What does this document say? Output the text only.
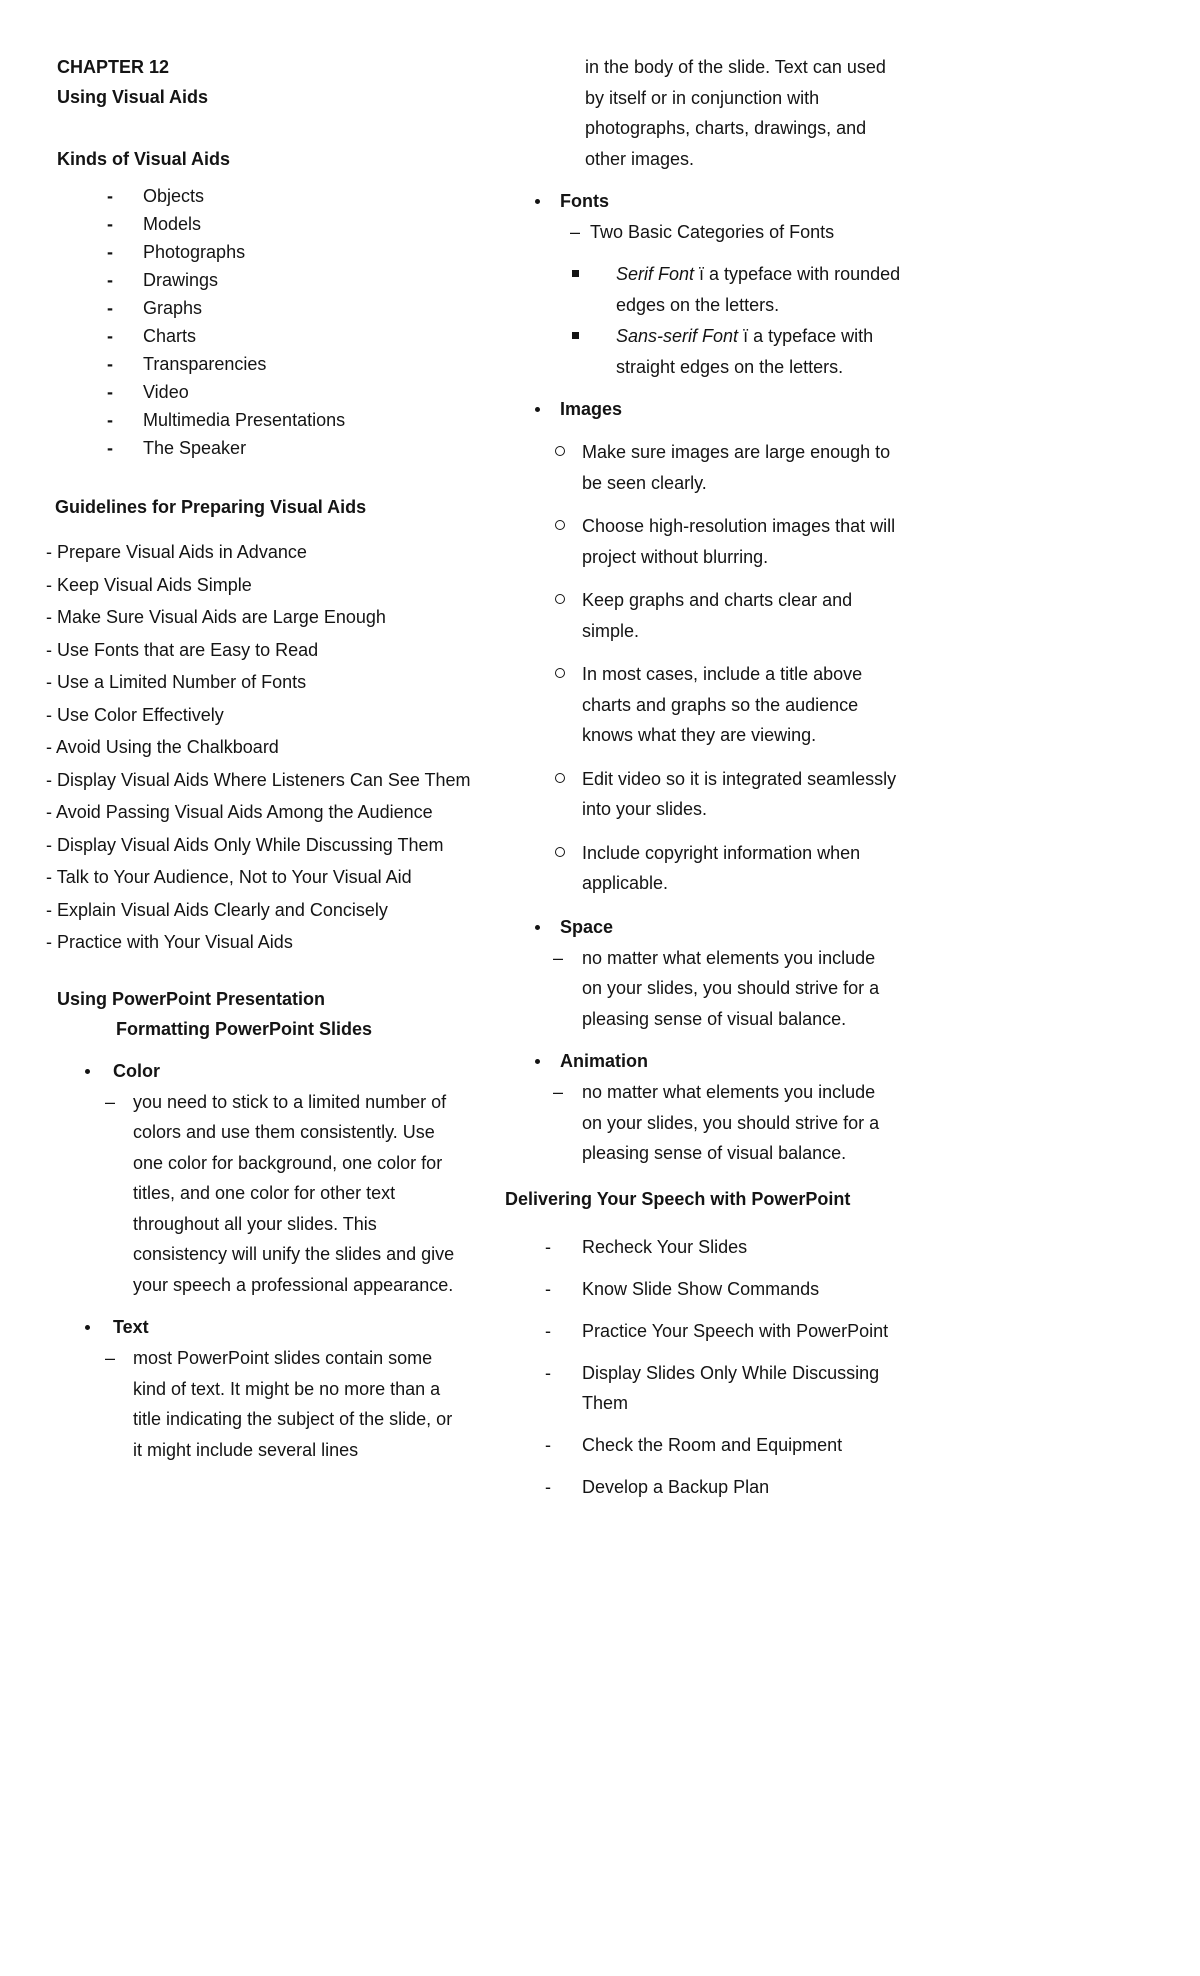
CHAPTER 12
Using Visual Aids
Kinds of Visual Aids
-	Objects
-	Models
-	Photographs
-	Drawings
-	Graphs
-	Charts
-	Transparencies
-	Video
-	Multimedia Presentations
-	The Speaker
Guidelines for Preparing Visual Aids
- Prepare Visual Aids in Advance
- Keep Visual Aids Simple
- Make Sure Visual Aids are Large Enough
- Use Fonts that are Easy to Read
- Use a Limited Number of Fonts
- Use Color Effectively
- Avoid Using the Chalkboard
- Display Visual Aids Where Listeners Can See Them
- Avoid Passing Visual Aids Among the Audience
- Display Visual Aids Only While Discussing Them
- Talk to Your Audience, Not to Your Visual Aid
- Explain Visual Aids Clearly and Concisely
- Practice with Your Visual Aids
Using PowerPoint Presentation
Formatting PowerPoint Slides
Color
– you need to stick to a limited number of colors and use them consistently. Use one color for background, one color for titles, and one color for other text throughout all your slides. This consistency will unify the slides and give your speech a professional appearance.
Text
– most PowerPoint slides contain some kind of text. It might be no more than a title indicating the subject of the slide, or it might include several lines
in the body of the slide. Text can used by itself or in conjunction with photographs, charts, drawings, and other images.
Fonts
– Two Basic Categories of Fonts
Serif Font ï a typeface with rounded edges on the letters.
Sans-serif Font ï a typeface with straight edges on the letters.
Images
Make sure images are large enough to be seen clearly.
Choose high-resolution images that will project without blurring.
Keep graphs and charts clear and simple.
In most cases, include a title above charts and graphs so the audience knows what they are viewing.
Edit video so it is integrated seamlessly into your slides.
Include copyright information when applicable.
Space
–	no matter what elements you include on your slides, you should strive for a pleasing sense of visual balance.
Animation
–	no matter what elements you include on your slides, you should strive for a pleasing sense of visual balance.
Delivering Your Speech with PowerPoint
-	Recheck Your Slides
-	Know Slide Show Commands
-	Practice Your Speech with PowerPoint
-	Display Slides Only While Discussing Them
-	Check the Room and Equipment
-	Develop a Backup Plan
